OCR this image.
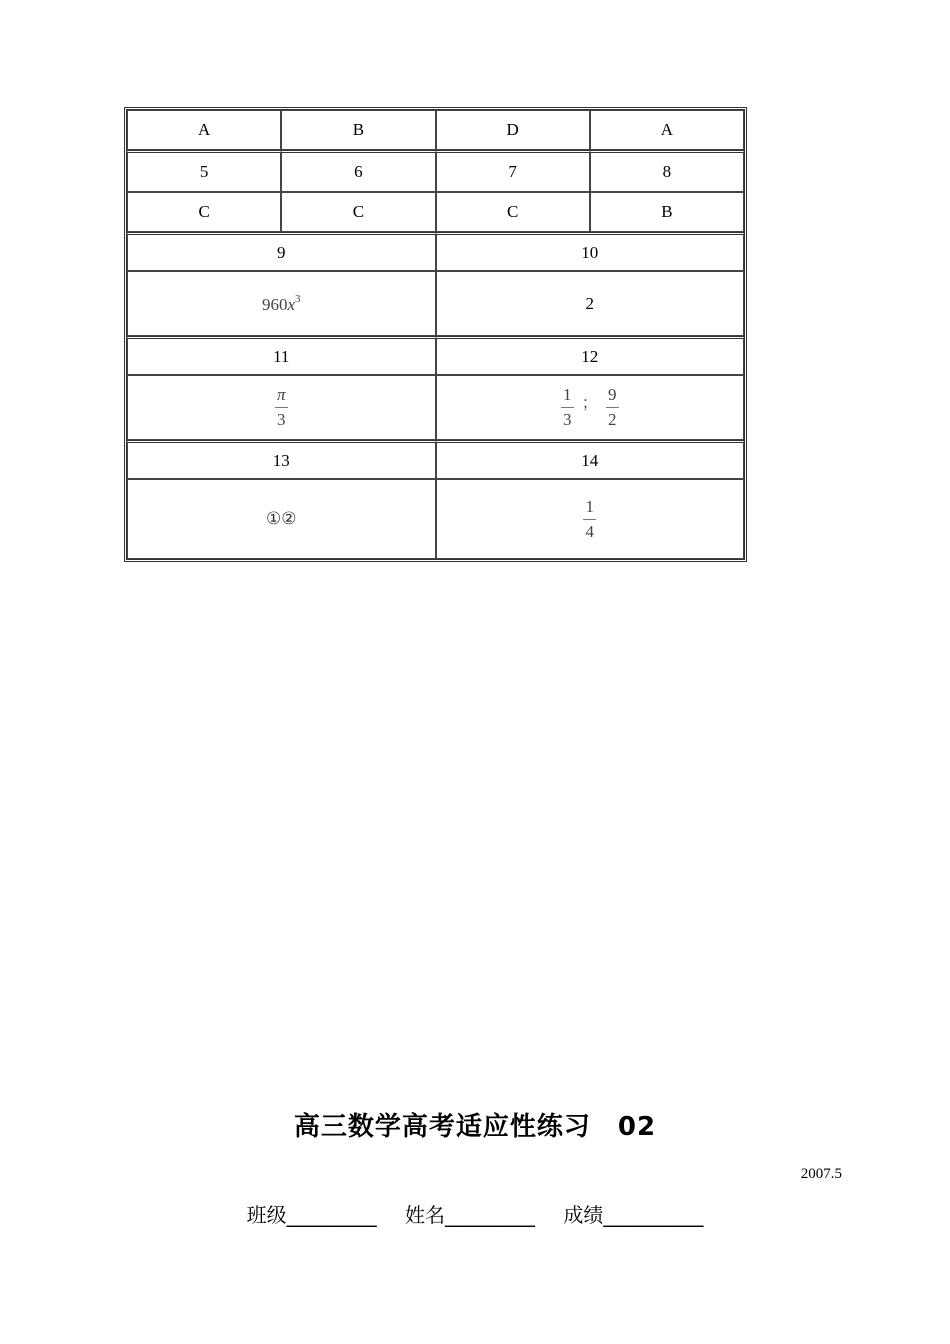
A	B	D	A
5	6	7	8
C	C	C	B
9		10	
$960x^3$		2	
11		12	

$\frac{\pi}{3}$		$\frac{1}{3}$ ； $\frac{9}{2}$

13		14	
①②		$\frac{1}{4}$
高三数学高考适应性练习　02
2007.5
班级_________ 姓名_________ 成绩__________
